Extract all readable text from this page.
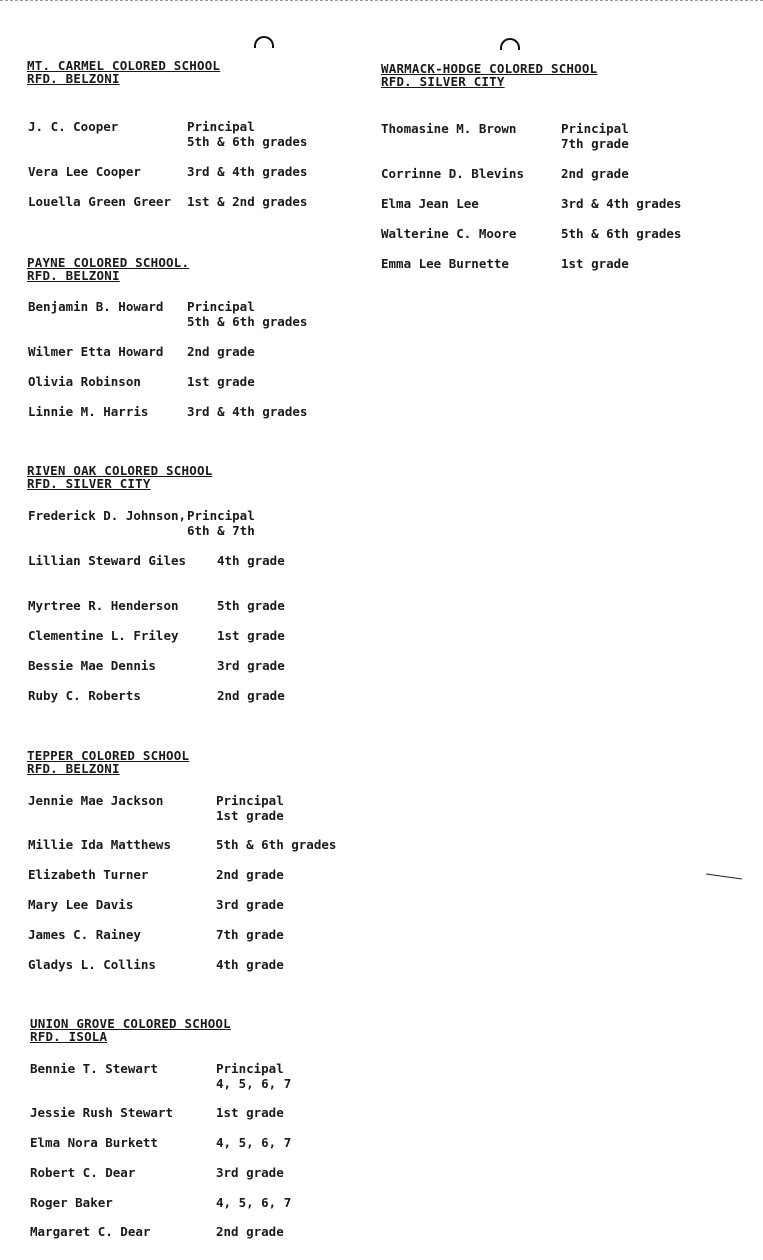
MT. CARMEL COLORED SCHOOL
RFD. BELZONI
J. C. Cooper	Principal
5th & 6th grades
Vera Lee Cooper	3rd & 4th grades
Louella Green Greer 1st & 2nd grades
PAYNE COLORED SCHOOL.
RFD. BELZONI
Benjamin B. Howard Principal
5th & 6th grades
Wilmer Etta Howard 2nd grade
Olivia Robinson	1st grade
Linnie M. Harris	3rd & 4th grades
RIVEN OAK COLORED SCHOOL
RFD. SILVER CITY
Frederick D. Johnson, Principal
6th & 7th
Lillian Steward Giles 4th grade
Myrtree R. Henderson	5th grade
Clementine L. Friley	1st grade
Bessie Mae Dennis	3rd grade
Ruby C. Roberts	2nd grade
TEPPER COLORED SCHOOL
RFD. BELZONI
Jennie Mae Jackson	Principal
1st grade
Millie Ida Matthews	5th & 6th grades
Elizabeth Turner	2nd grade
Mary Lee Davis	3rd grade
James C. Rainey	7th grade
Gladys L. Collins	4th grade
UNION GROVE COLORED SCHOOL
RFD. ISOLA
Bennie T. Stewart	Principal
4, 5, 6, 7
Jessie Rush Stewart	1st grade
Elma Nora Burkett	4, 5, 6, 7
Robert C. Dear	3rd grade
Roger Baker	4, 5, 6, 7
Margaret C. Dear	2nd grade
WARMACK-HODGE COLORED SCHOOL
RFD. SILVER CITY
Thomasine M. Brown	Principal
7th grade
Corrinne D. Blevins	2nd grade
Elma Jean Lee	3rd & 4th grades
Walterine C. Moore	5th & 6th grades
Emma Lee Burnette	1st grade
